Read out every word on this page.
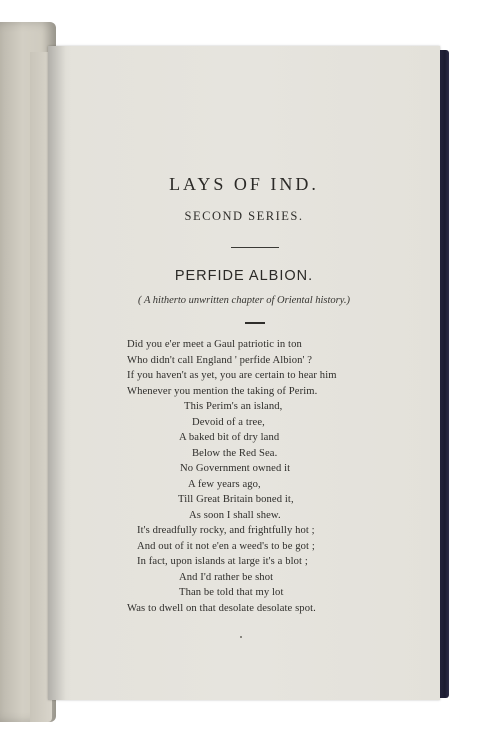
LAYS OF IND.
SECOND SERIES.
PERFIDE ALBION.
( A hitherto unwritten chapter of Oriental history.)
Did you e'er meet a Gaul patriotic in ton
Who didn't call England ' perfide Albion' ?
If you haven't as yet, you are certain to hear him
Whenever you mention the taking of Perim.
This Perim's an island,
Devoid of a tree,
A baked bit of dry land
Below the Red Sea.
No Government owned it
A few years ago,
Till Great Britain boned it,
As soon I shall shew.
It's dreadfully rocky, and frightfully hot ;
And out of it not e'en a weed's to be got ;
In fact, upon islands at large it's a blot ;
And I'd rather be shot
Than be told that my lot
Was to dwell on that desolate desolate spot.
